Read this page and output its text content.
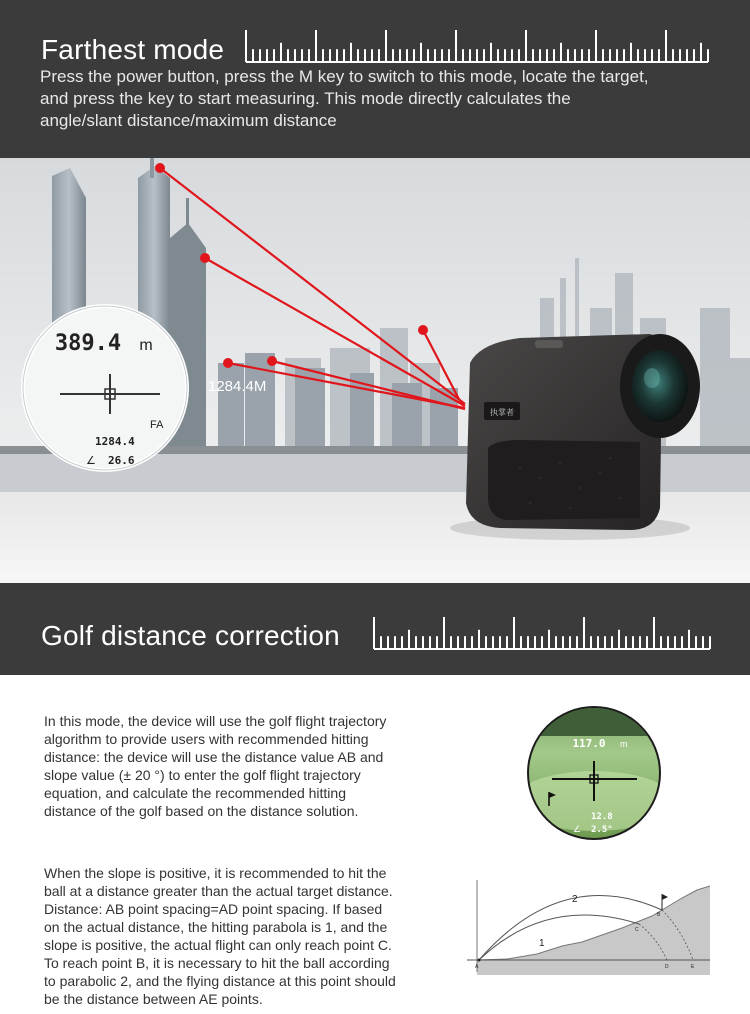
Farthest mode
Press the power button, press the M key to switch to this mode, locate the target,
and press the key to start measuring. This mode directly calculates the
angle/slant distance/maximum distance
1284.4M
389.4 m
FA
1284.4
∠ 26.6
执掌者
Golf distance correction
In this mode, the device will use the golf flight trajectory
algorithm to provide users with recommended hitting
distance: the device will use the distance value AB and
slope value (± 20 °) to enter the golf flight trajectory
equation, and calculate the recommended hitting
distance of the golf based on the distance solution.
117.0 m
12.8
∠ 2.5°
When the slope is positive, it is recommended to hit the
ball at a distance greater than the actual target distance.
Distance: AB point spacing=AD point spacing. If based
on the actual distance, the hitting parabola is 1, and the
slope is positive, the actual flight can only reach point C.
To reach point B, it is necessary to hit the ball according
to parabolic 2, and the flying distance at this point should
be the distance between AE points.
2
1
A
B
C
D	E
